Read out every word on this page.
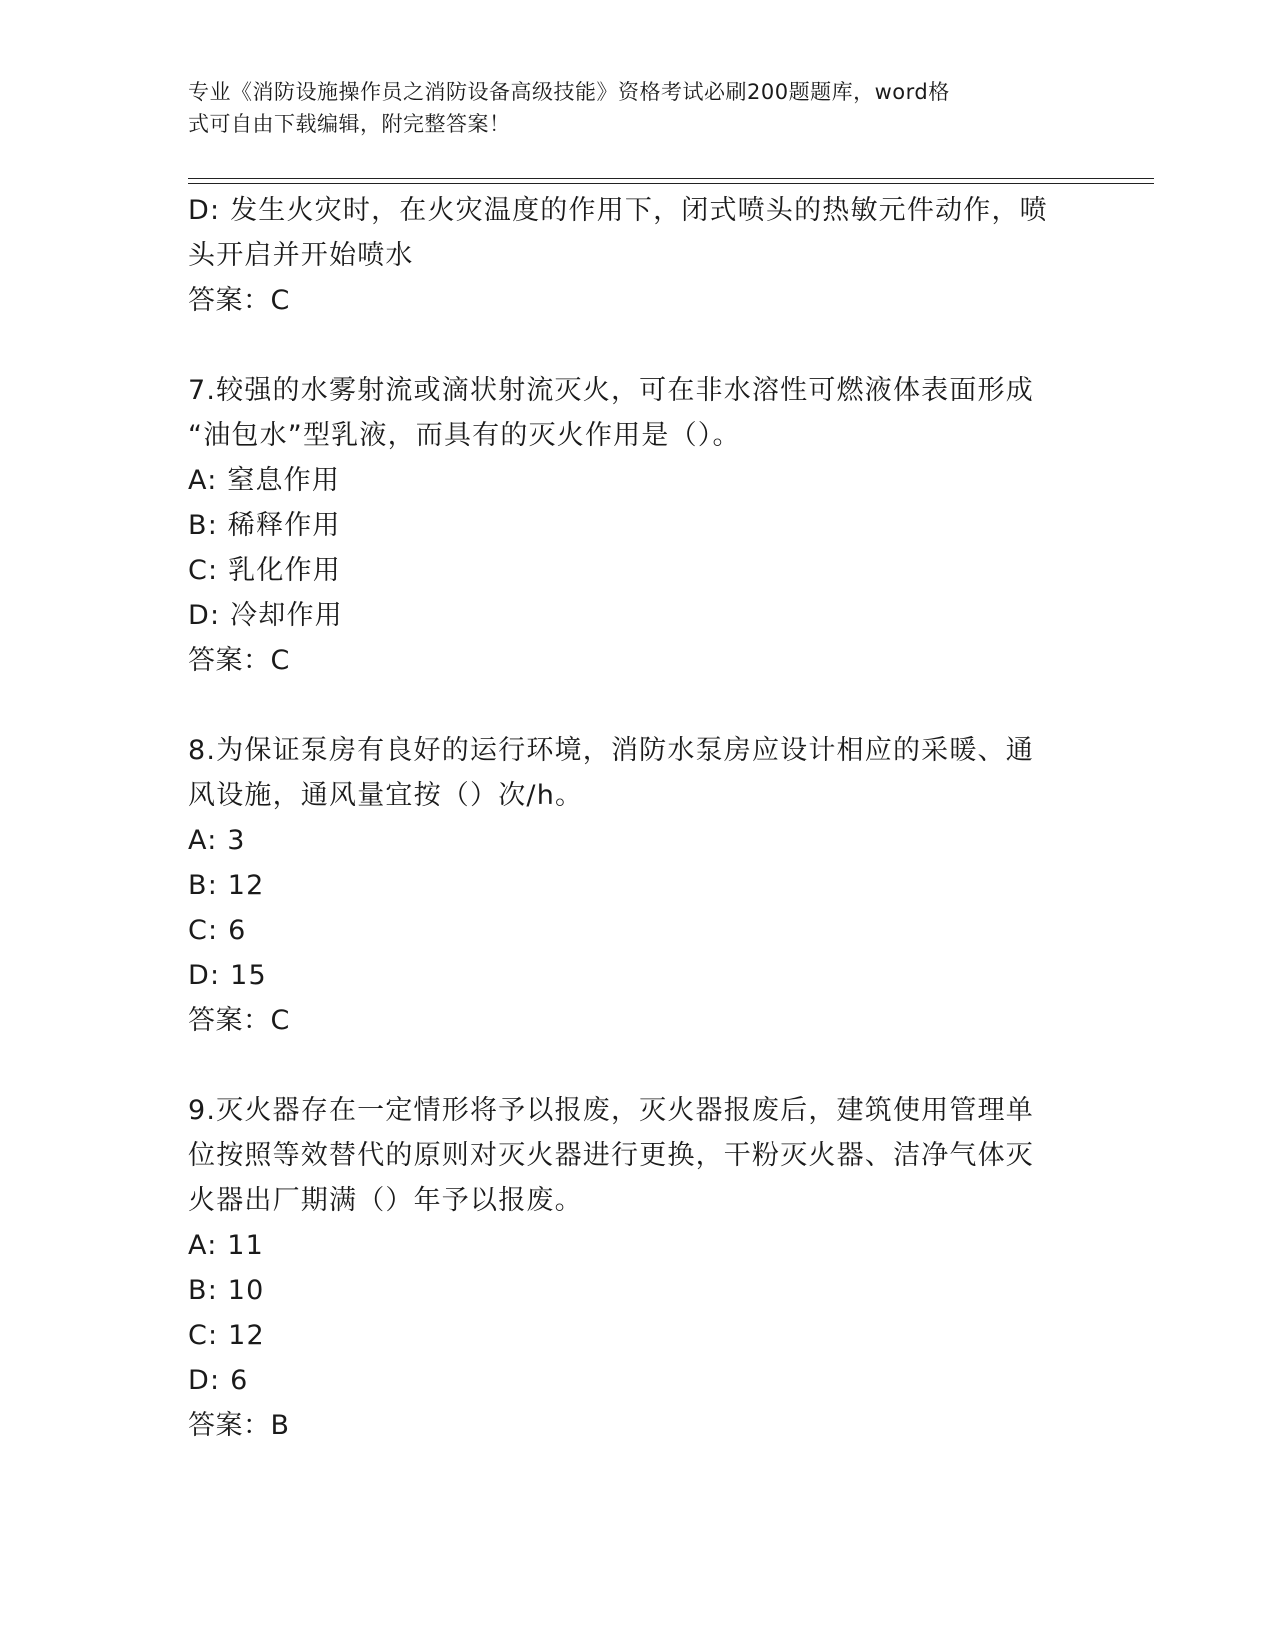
专业《消防设施操作员之消防设备高级技能》资格考试必刷200题题库，word格
式可自由下载编辑，附完整答案！
D: 发生火灾时，在火灾温度的作用下，闭式喷头的热敏元件动作，喷
头开启并开始喷水
答案：C
7.较强的水雾射流或滴状射流灭火，可在非水溶性可燃液体表面形成
“油包水”型乳液，而具有的灭火作用是（）。
A: 窒息作用
B: 稀释作用
C: 乳化作用
D: 冷却作用
答案：C
8.为保证泵房有良好的运行环境，消防水泵房应设计相应的采暖、通
风设施，通风量宜按（）次/h。
A: 3
B: 12
C: 6
D: 15
答案：C
9.灭火器存在一定情形将予以报废，灭火器报废后，建筑使用管理单
位按照等效替代的原则对灭火器进行更换，干粉灭火器、洁净气体灭
火器出厂期满（）年予以报废。
A: 11
B: 10
C: 12
D: 6
答案：B
